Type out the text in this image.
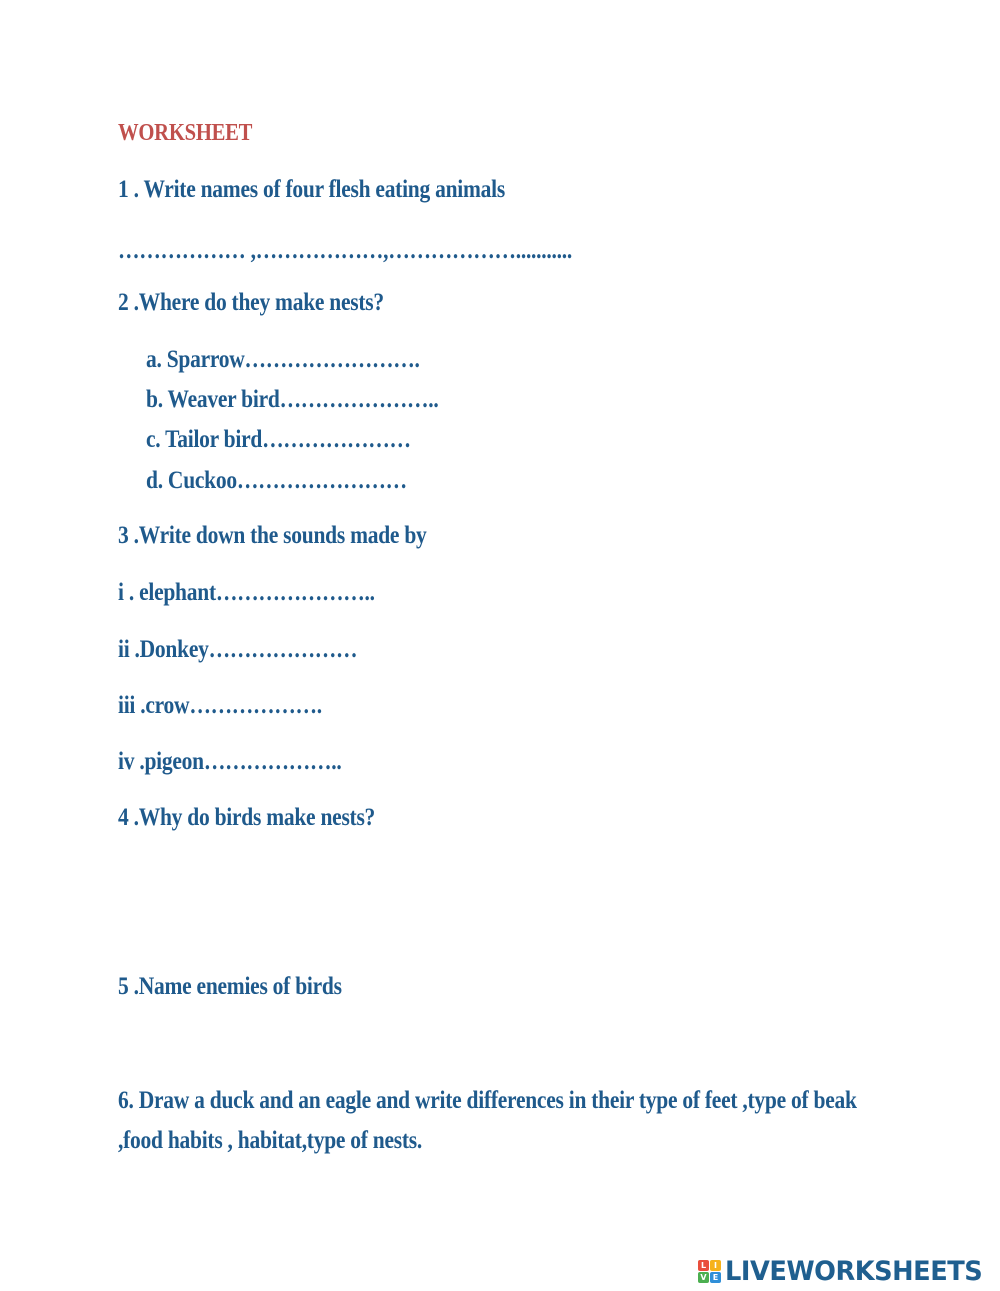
WORKSHEET
1 . Write names of four flesh eating animals
……………… ,………………,………………...........
2 .Where do they make nests?
a. Sparrow…………………….
b. Weaver bird…………………..
c. Tailor bird…………………
d. Cuckoo……………………
3 .Write down the sounds made by
i . elephant…………………..
ii .Donkey…………………
iii .crow……………….
iv .pigeon………………..
4 .Why do birds make nests?
5 .Name enemies of birds
6. Draw a duck and an eagle and write differences in their type of feet ,type of beak ,food habits , habitat,type of nests.
L I
V E LIVEWORKSHEETS
